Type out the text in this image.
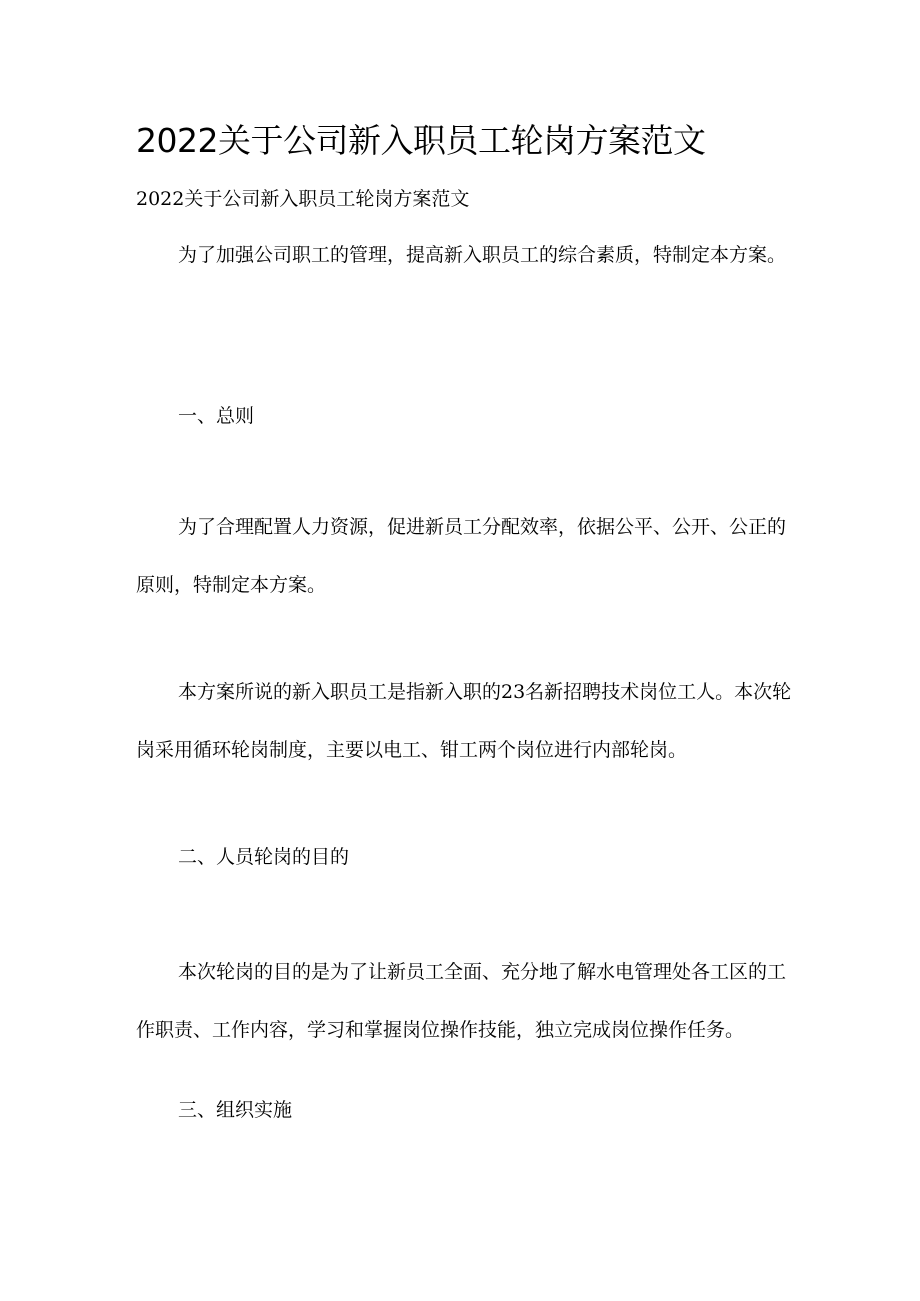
2022关于公司新入职员工轮岗方案范文
2022关于公司新入职员工轮岗方案范文

为了加强公司职工的管理，提高新入职员工的综合素质，特制定本方案。

一、总则

为了合理配置人力资源，促进新员工分配效率，依据公平、公开、公正的原则，特制定本方案。

本方案所说的新入职员工是指新入职的23名新招聘技术岗位工人。本次轮岗采用循环轮岗制度，主要以电工、钳工两个岗位进行内部轮岗。

二、人员轮岗的目的

本次轮岗的目的是为了让新员工全面、充分地了解水电管理处各工区的工作职责、工作内容，学习和掌握岗位操作技能，独立完成岗位操作任务。

三、组织实施
